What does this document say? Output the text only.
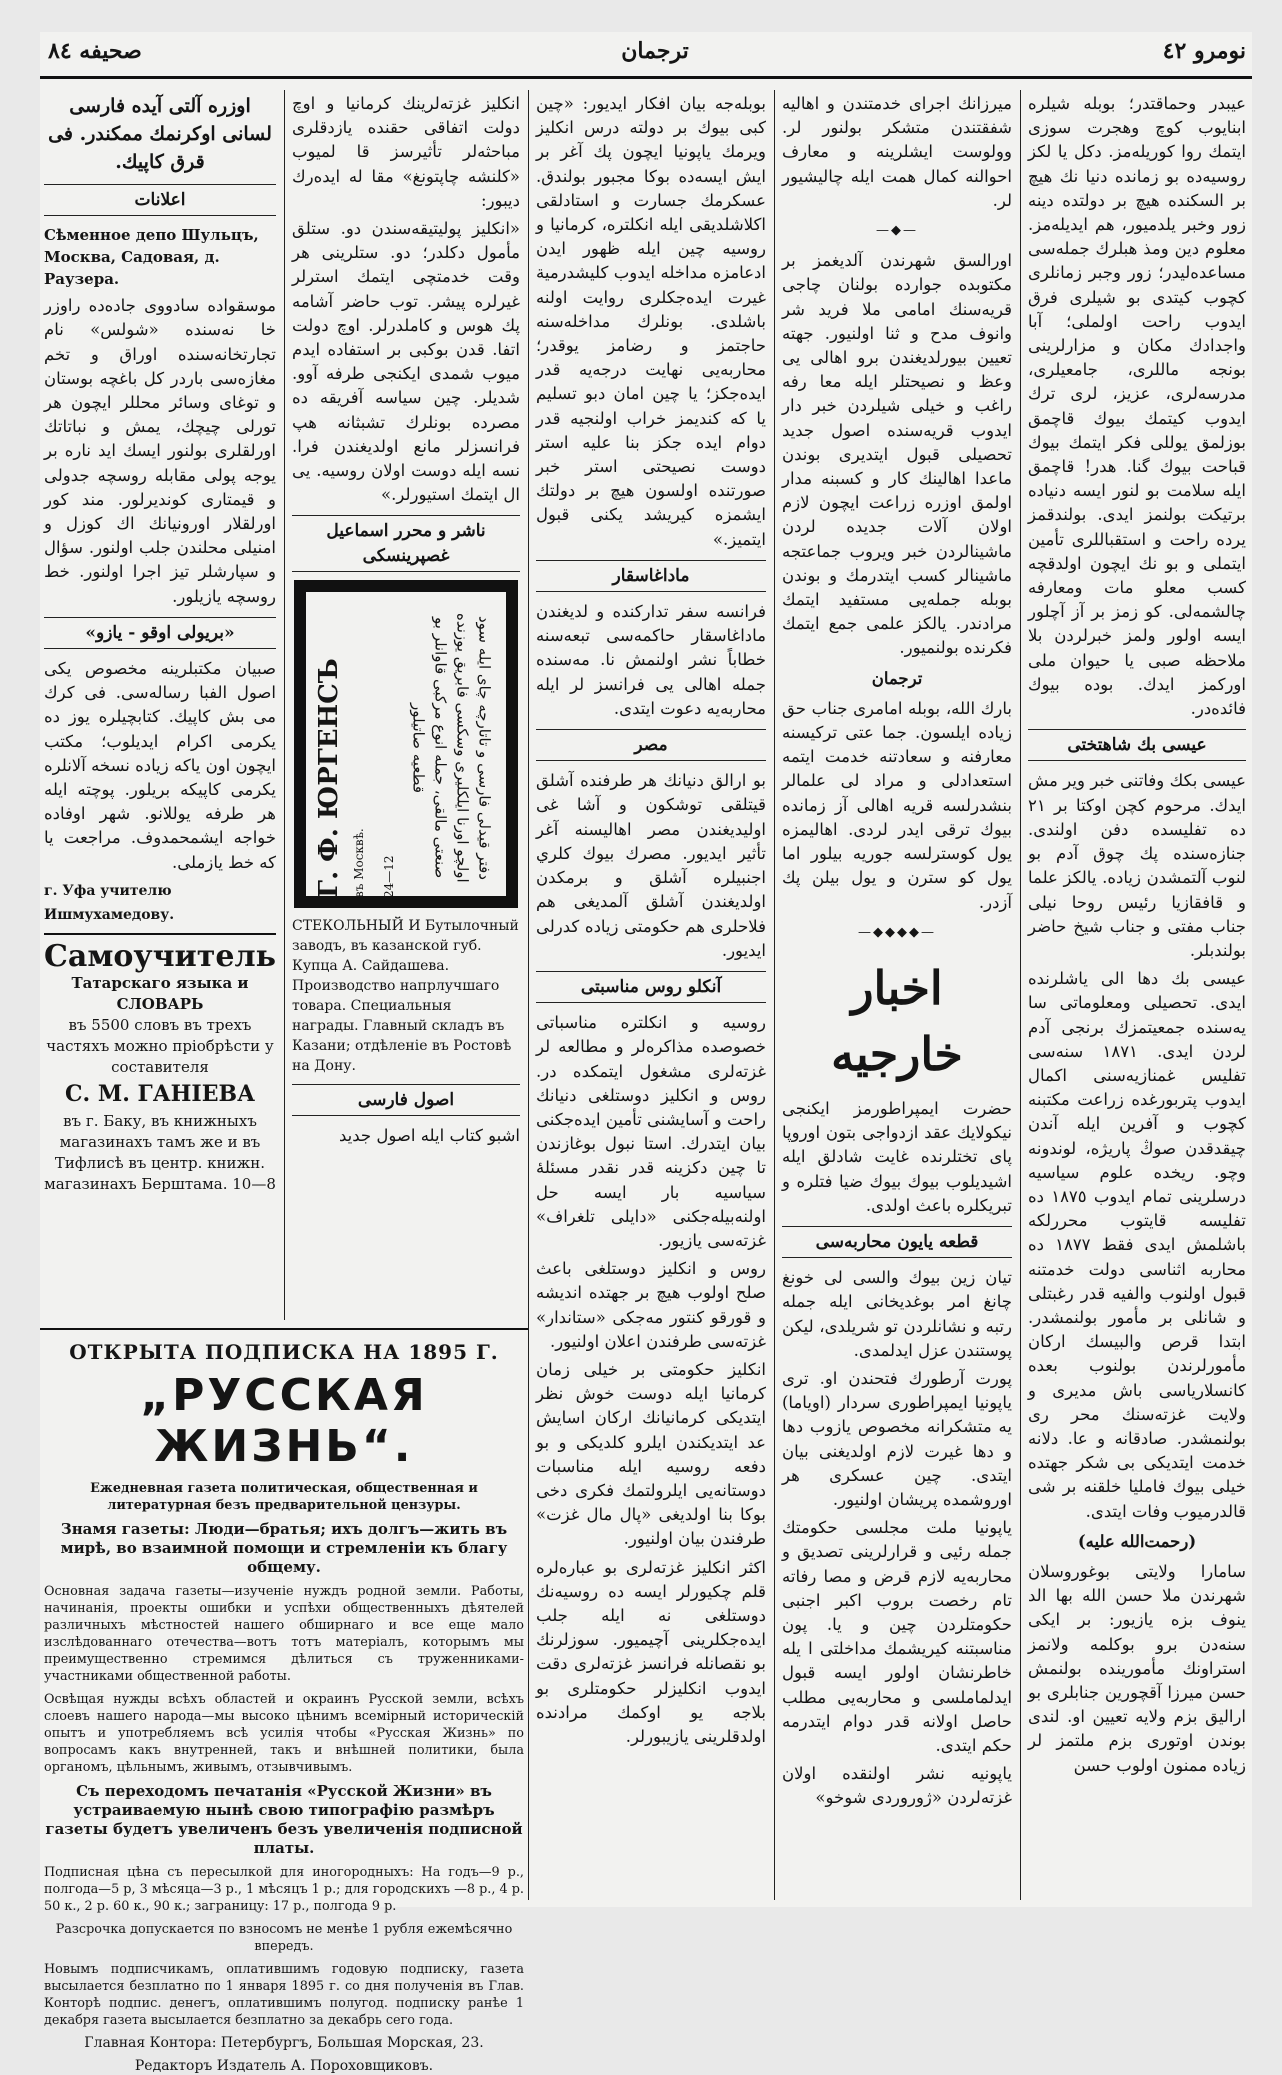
نومرو ٤٢
ترجمان
صحيفه ٨٤

عيبدر وحماقتدر؛ بوبله شيلره ابنايوب كوچ وهجرت سوزى ايتمك روا كوريله‌مز. دكل يا لكز روسيه‌ده بو زمانده دنيا نك هيچ بر السكنده هيچ بر دولتده دينه زور وخبر يلدميور، هم ايديله‌مز. معلوم دين ومذ هبلرك جمله‌سى مساعده‌ليدر؛ زور وجبر زمانلرى كچوب كيتدى بو شيلرى فرق ايدوب راحت اولملى؛ آبا واجدادك مكان و مزارلرينى بونجه ماللرى، جامعيلرى، مدرسه‌لرى، عزيز، لرى ترك ايدوب كيتمك بيوك قاچمق بوزلمق يوللى فكر ايتمك بيوك قباحت بيوك گنا. هدر! قاچمق ايله سلامت بو لنور ايسه دنياده برتيكت بولنمز ايدى. بولندقمز يرده راحت و استقباللرى تأمين ايتملى و بو نك ايچون اولدقچه كسب معلو مات ومعارفه چالشمه‌لى. كو زمز بر آز آچلور ايسه اولور ولمز خبرلردن بلا ملاحظه صبى يا حيوان ملى اوركمز ايدك. بوده بيوك فائده‌در.

عيسى بك شاهتختى

عيسى بكك وفاتنى خبر وير مش ايدك. مرحوم كچن اوكتا بر ٢١ ده تفليسده دفن اولندى. جنازه‌سنده پك چوق آدم بو لنوب آلتمشدن زياده. يالكز علما و قافقازيا رئيس روحا نيلى جناب مفتى و جناب شيخ حاضر بولندبلر.

عيسى بك دها الى ياشلرنده ايدى. تحصيلى ومعلوماتى سا يه‌سنده جمعيتمزك برنجى آدم لردن ايدى. ١٨٧١ سنه‌سى تفليس غمنازيه‌سنى اكمال ايدوب پتربورغده زراعت مكتبنه كچوب و آفرين ايله آندن چيقدقدن صوڭ پاريژه، لوندونه وچو. ريخده علوم سياسيه درسلرينى تمام ايدوب ١٨٧٥ ده تفليسه قايتوب محررلكه باشلمش ايدى فقط ١٨٧٧ ده محاربه اثناسى دولت خدمتنه قبول اولنوب والفيه قدر رغبتلى و شانلى بر مأمور بولنمشدر. ابتدا قرص والبيسك اركان مأمورلرندن بولنوب بعده كانسلارياسى باش مديرى و ولايت غزته‌سنك محر رى بولنمشدر. صادقانه و عا. دلانه خدمت ايتديكى بى شكر جهتده خيلى بيوك فامليا خلقنه بر شى قالدرميوب وفات ايتدى.

(رحمت‌الله عليه)

سامارا ولايتى بوغوروسلان شهرندن ملا حسن الله بها الد ينوف بزه يازيور: بر ايكى سنه‌دن برو بوكلمه ولانمز استراونك مأمورينده بولنمش حسن ميرزا آقچورين جنابلرى بو اراليق بزم ولايه تعيين او. لندى بوندن اوتورى بزم ملتمز لر زياده ممنون اولوب حسن

ميرزانك اجراى خدمتندن و اهاليه شفقتندن متشكر بولنور لر. وولوست ايشلرينه و معارف احوالنه كمال همت ايله چاليشيور لر.

—◆—

اورالسق شهرندن آلديغمز بر مكتوبده جوارده بولنان چاجى قريه‌سنك امامى ملا فريد شر وانوف مدح و ثنا اولنيور. جهته تعيين بيورلديغندن برو اهالى يى وعظ و نصيحتلر ايله معا رفه راغب و خيلى شيلردن خبر دار ايدوب قريه‌سنده اصول جديد تحصيلى قبول ايتديرى بوندن ماعدا اهالينك كار و كسبنه مدار اولمق اوزره زراعت ايچون لازم اولان آلات جديده لردن ماشينالردن خبر ويروب جماعتجه ماشينالر كسب ايتدرمك و بوندن بوبله جمله‌يى مستفيد ايتمك مرادندر. يالكز علمى جمع ايتمك فكرنده بولنميور.

ترجمان

بارك الله، بوبله امامرى جناب حق زياده ايلسون. جما عتى تركيسنه معارفنه و سعادتنه خدمت ايتمه استعدادلى و مراد لى علمالر بنشدرلسه قريه اهالى آز زمانده بيوك ترقى ايدر لردى. اهاليمزه يول كوسترلسه جوريه بيلور اما يول كو سترن و يول بيلن پك آزدر.

—◆◆◆◆—
اخبار خارجيه

حضرت ايمپراطورمز ايكنجى نيكولايك عقد ازدواجى بتون اوروپا پاى تختلرنده غايت شادلق ايله اشيديلوب بيوك بيوك ضيا فتلره و تبريكلره باعث اولدى.

قطعه يايون محاربه‌سى

تيان زين بيوك والسى لى خونغ چانغ امر بوغديخانى ايله جمله رتبه و نشانلردن تو شريلدى، ليكن پوستندن عزل ايدلمدى.

پورت آرطورك فتحندن او. ترى ياپونيا ايمپراطورى سردار (اوياما) يه متشكرانه مخصوص يازوب دها و دها غيرت لازم اولديغنى بيان ايتدى. چين عسكرى هر اوروشمده پريشان اولنيور.

ياپونيا ملت مجلسى حكومتك جمله رئيى و قرارلرينى تصديق و محاربه‌يه لازم قرض و مصا رفاته تام رخصت بروب اكبر اجنبى حكومتلردن چين و يا. پون مناسبتنه كيريشمك مداخلتى ا يله خاطرنشان اولور ايسه قبول ايدلماملسى و محاربه‌يى مطلب حاصل اولانه قدر دوام ايتدرمه حكم ايتدى.

ياپونيه نشر اولنقده اولان غزته‌لردن «ژوروردى شوخو»

بوبله‌جه بيان افكار ايديور: «چين كبى بيوك بر دولته درس انكليز ويرمك ياپونيا ايچون پك آغر بر ايش ايسه‌ده بوكا مجبور بولندق. عسكرمك جسارت و استادلقى اكلاشلديقى ايله انكلتره، كرمانيا و روسيه چين ايله ظهور ايدن ادعامزه مداخله ايدوب كليشدرمية غيرت ايده‌جكلرى روايت اولنه باشلدى. بونلرك مداخله‌سنه حاجتمز و رضامز يوقدر؛ محاربه‌يى نهايت درجه‌يه قدر ايده‌جكز؛ يا چين امان دبو تسليم يا كه كنديمز خراب اولنجيه قدر دوام ايده جكز بنا عليه استر دوست نصيحتى استر خبر صورتنده اولسون هيچ بر دولتك ايشمزه كيريشد يكنى قبول ايتميز.»

ماداغاسقار

فرانسه سفر تداركنده و لديغندن ماداغاسقار حاكمه‌سى تبعه‌سنه خطاباً نشر اولنمش نا. مه‌سنده جمله اهالى يى فرانسز لر ايله محاربه‌يه دعوت ايتدى.

مصر

بو ارالق دنيانك هر طرفنده آشلق قيتلقى توشكون و آشا غى اوليديغندن مصر اهاليسنه آغر تأثير ايديور. مصرك بيوك كلري اجنبيلره آشلق و برمكدن اولديغندن آشلق آلمديغى هم فلاحلرى هم حكومتى زياده كدرلى ايديور.

آنكلو روس مناسبتى

روسيه و انكلتره مناسباتى خصوصده مذاكره‌لر و مطالعه لر غزته‌لرى مشغول ايتمكده در. روس و انكليز دوستلغى دنيانك راحت و آسايشنى تأمين ايده‌جكنى بيان ايتدرك. استا نبول بوغازندن تا چين دكزينه قدر نقدر مسئلهٔ سياسيه بار ايسه حل اولنه‌بيله‌جكنى «دايلى تلغراف» غزته‌سى يازيور.

روس و انكليز دوستلغى باعث صلح اولوب هيچ بر جهتده انديشه و قورقو كنتور مه‌جكى «ستاندار» غزته‌سى طرفندن اعلان اولنيور.

انكليز حكومتى بر خيلى زمان كرمانيا ايله دوست خوش نظر ايتديكى كرمانيانك اركان اسايش عد ايتديكندن ايلرو كلديكى و بو دفعه روسيه ايله مناسبات دوستانه‌يى ايلرولتمك فكرى دخى بوكا بنا اولديغى «پال مال غزت» طرفندن بيان اولنيور.

اكثر انكليز غزته‌لرى بو عباره‌لره قلم چكيورلر ايسه ده روسيه‌نك دوستلغى نه ايله جلب ايده‌جكلرينى آچيميور. سوزلرنك بو نقصانله فرانسز غزته‌لرى دقت ايدوب انكليزلر حكومتلرى بو بلاجه يو اوكمك مرادنده اولدقلرينى يازيبورلر.

انكليز غزته‌لرينك كرمانيا و اوچ دولت اتفاقى حقنده يازدقلرى مباحثه‌لر تأثيرسز قا لميوب «كلنشه چاپتونغ» مقا له ايده‌رك ديبور:

«انكليز پوليتيقه‌سندن دو. ستلق مأمول دكلدر؛ دو. ستلرينى هر وقت خدمتچى ايتمك استرلر غيرلره پيشر. توب حاضر آشامه پك هوس و كاملدرلر. اوچ دولت اتفا. قدن بوكبى بر استفاده ايدم ميوب شمدى ايكنجى طرفه آوو. شديلر. چين سياسه آفريقه ده مصرده بونلرك تشبثانه هپ فرانسزلر مانع اولديغندن فرا. نسه ايله دوست اولان روسيه. يى ال ايتمك استيورلر.»

ناشر و محرر اسماعيل غصپرينسكى
Г. Ф. ЮРГЕНСЪ въ Москвѣ.	24—12	دفتر قيدلى فارسى و تاتارچه چاى ايله سود اولچو اورنا ايلكليرى وسكسى فابريق يوزنده صنعتى مالقى، جمله انوع مركبى قاوانلر بو قطعيه صاتيلور

СТЕКОЛЬНЫЙ И Бутылочный заводъ, въ казанской губ. Купца А. Сайдашева. Производство напрлучшаго товара. Специальныя награды. Главный складъ въ Казани; отдѣленіе въ Ростовѣ на Дону.

اصول فارسى

اشبو كتاب ايله اصول جديد

اوزره آلتى آيده فارسى لسانى اوكرنمك ممكندر. فى قرق كاپيك.

اعلانات

Сѣменное депо Шульцъ, Москва, Садовая, д. Раузера.

موسقواده سادووى جاده‌ده راوزر خا نه‌سنده «شولس» نام تجارتخانه‌سنده اوراق و تخم مغازه‌سى باردر كل باغچه بوستان و توغاى وسائر محللر ايچون هر تورلى چيچك، يمش و نباتاتك اورلقلرى بولنور ايسك ايد ناره بر يوجه پولى مقابله روسچه جدولى و قيمتارى كونديرلور. مند كور اورلقلار اورونيانك اك كوزل و امنيلى محلندن جلب اولنور. سؤال و سپارشلر تيز اجرا اولنور. خط روسچه يازيلور.

«بريولى اوقو - يازو»

صبيان مكتبلرينه مخصوص يكى اصول الفبا رساله‌سى. فى كرك مى بش كاپيك. كتابچيلره يوز ده يكرمى اكرام ايديلوب؛ مكتب ايچون اون ياكه زياده نسخه آلانلره يكرمى كاپيكه بريلور. پوچته ايله هر طرفه يوللانو. شهر اوفاده خواجه ايشمحمدوف. مراجعت يا كه خط يازملى.

г. Уфа учителю Ишмухамедову.

Самоучитель
Татарскаго языка и СЛОВАРЬ
въ 5500 словъ въ трехъ частяхъ можно пріобрѣсти у составителя
С. М. ГАНІЕВА
въ г. Баку, въ книжныхъ магазинахъ тамъ же и въ Тифлисѣ въ центр. книжн. магазинахъ Берштама. 10—8
ОТКРЫТА ПОДПИСКА НА 1895 Г.
„РУССКАЯ ЖИЗНЬ“.
Ежедневная газета политическая, общественная и литературная безъ предварительной цензуры.
Знамя газеты: Люди—братья; ихъ долгъ—жить въ мирѣ, во взаимной помощи и стремленіи къ благу общему.
Основная задача газеты—изученіе нуждъ родной земли. Работы, начинанія, проекты ошибки и успѣхи общественныхъ дѣятелей различныхъ мѣстностей нашего обширнаго и все еще мало изслѣдованнаго отечества—вотъ тотъ матеріалъ, которымъ мы преимущественно стремимся дѣлиться съ труженниками-участниками общественной работы.
Освѣщая нужды всѣхъ областей и окраинъ Русской земли, всѣхъ слоевъ нашего народа—мы высоко цѣнимъ всемірный историческій опытъ и употребляемъ всѣ усилія чтобы «Русская Жизнь» по вопросамъ какъ внутренней, такъ и внѣшней политики, была органомъ, цѣльнымъ, живымъ, отзывчивымъ.
Съ переходомъ печатанія «Русской Жизни» въ устраиваемую нынѣ свою типографію размѣръ газеты будетъ увеличенъ безъ увеличенія подписной платы.
Подписная цѣна съ пересылкой для иногородныхъ: На годъ—9 р., полгода—5 р, 3 мѣсяца—3 р., 1 мѣсяцъ 1 р.; для городскихъ —8 р., 4 р. 50 к., 2 р. 60 к., 90 к.; заграницу: 17 р., полгода 9 р.
Разсрочка допускается по взносомъ не менѣе 1 рубля ежемѣсячно впередъ.
Новымъ подписчикамъ, оплатившимъ годовую подписку, газета высылается безплатно по 1 января 1895 г. со дня полученія въ Глав. Конторѣ подпис. денегъ, оплатившимъ полугод. подписку ранѣе 1 декабря газета высылается безплатно за декабрь сего года.
Главная Контора: Петербургъ, Большая Морская, 23.
Редакторъ Издатель А. Пороховщиковъ.
